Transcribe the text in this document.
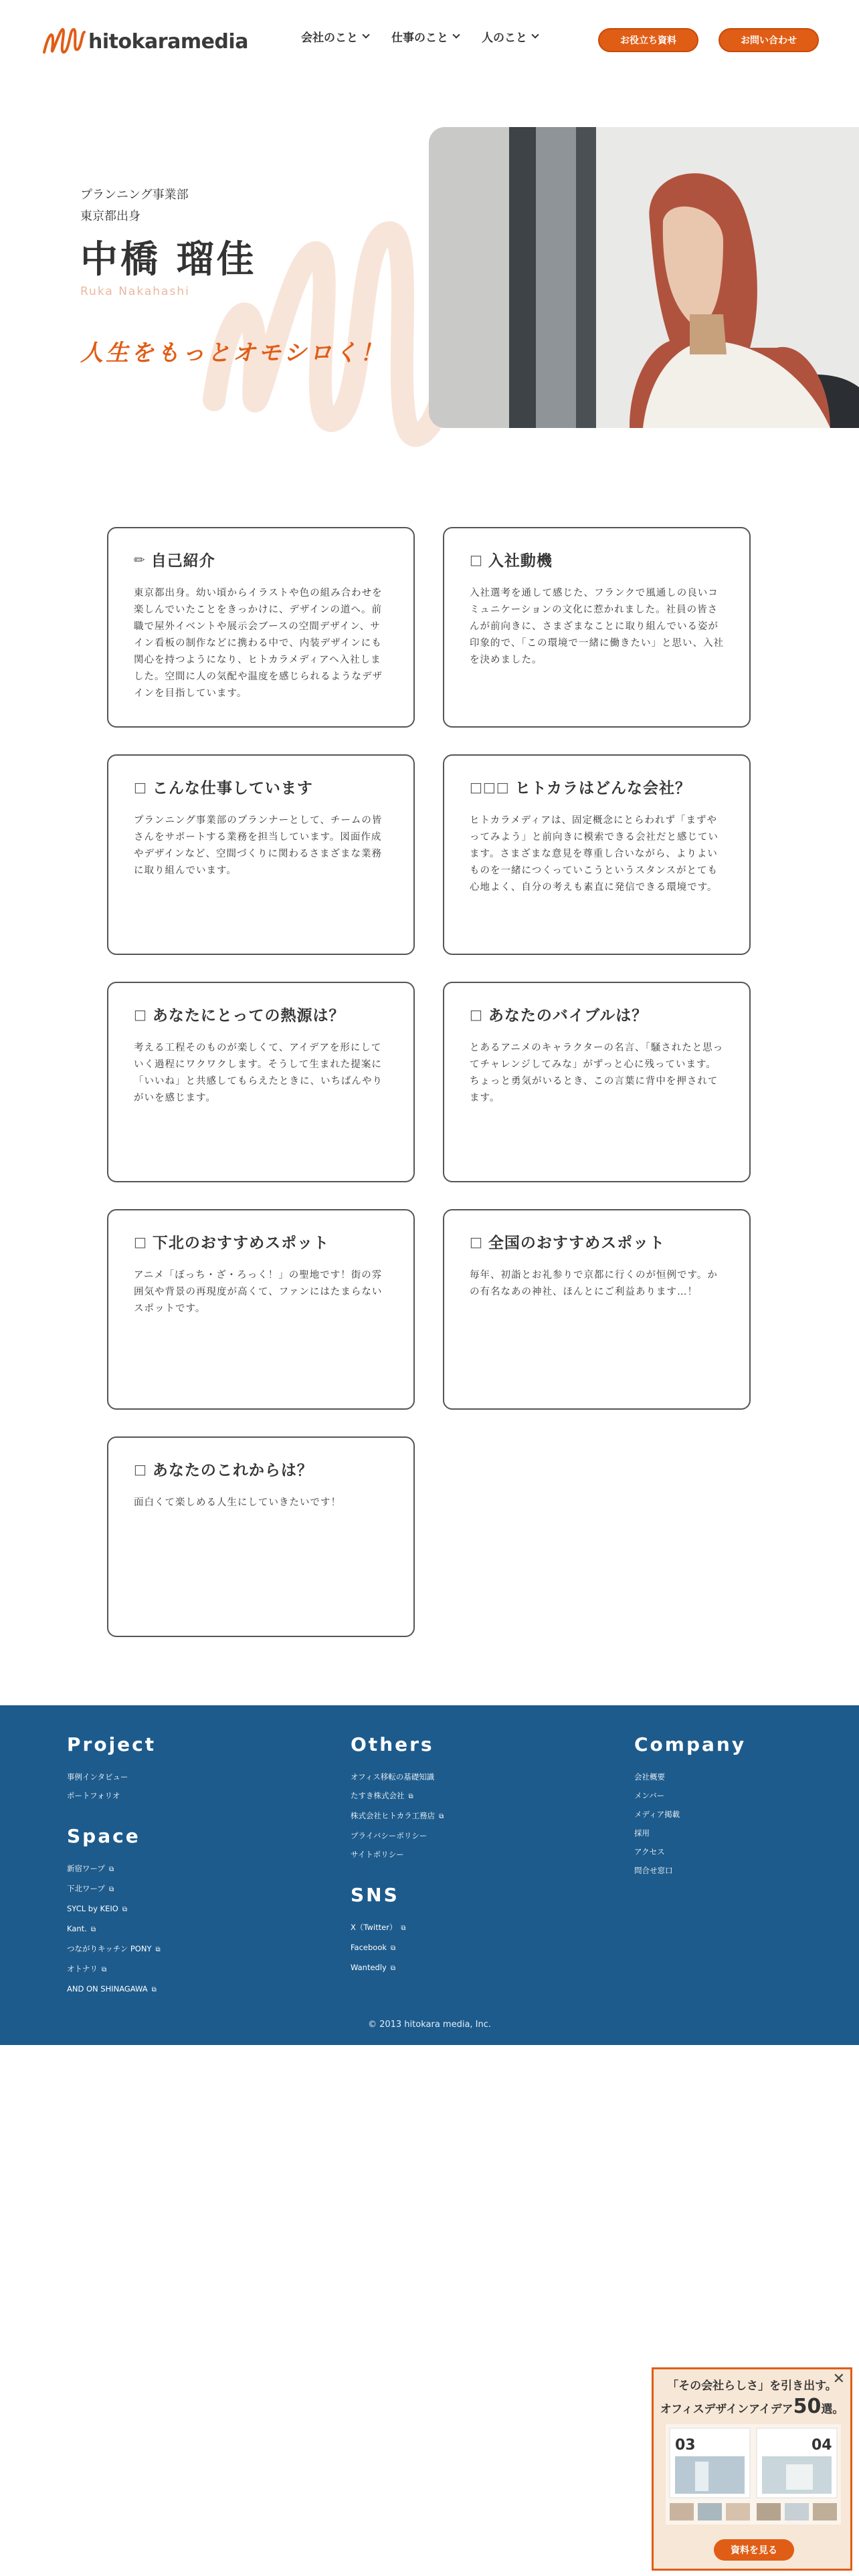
hitokaramedia	会社のこと	仕事のこと	人のこと	お役立ち資料	お問い合わせ
プランニング事業部
東京都出身
中橋 瑠佳
Ruka Nakahashi
人生をもっとオモシロく！
✏ 自己紹介
東京都出身。幼い頃からイラストや色の組み合わせを楽しんでいたことをきっかけに、デザインの道へ。前職で屋外イベントや展示会ブースの空間デザイン、サイン看板の制作などに携わる中で、内装デザインにも関心を持つようになり、ヒトカラメディアへ入社しました。空間に人の気配や温度を感じられるようなデザインを目指しています。
□ 入社動機
入社選考を通して感じた、フランクで風通しの良いコミュニケーションの文化に惹かれました。社員の皆さんが前向きに、さまざまなことに取り組んでいる姿が印象的で、「この環境で一緒に働きたい」と思い、入社を決めました。
□ こんな仕事しています
プランニング事業部のプランナーとして、チームの皆さんをサポートする業務を担当しています。図面作成やデザインなど、空間づくりに関わるさまざまな業務に取り組んでいます。
□□□ ヒトカラはどんな会社？
ヒトカラメディアは、固定概念にとらわれず「まずやってみよう」と前向きに模索できる会社だと感じています。さまざまな意見を尊重し合いながら、よりよいものを一緒につくっていこうというスタンスがとても心地よく、自分の考えも素直に発信できる環境です。
□ あなたにとっての熱源は？
考える工程そのものが楽しくて、アイデアを形にしていく過程にワクワクします。そうして生まれた提案に「いいね」と共感してもらえたときに、いちばんやりがいを感じます。
□ あなたのバイブルは？
とあるアニメのキャラクターの名言、「騒されたと思ってチャレンジしてみな」がずっと心に残っています。ちょっと勇気がいるとき、この言葉に背中を押されてます。
□ 下北のおすすめスポット
アニメ「ぼっち・ざ・ろっく！」の聖地です！街の雰囲気や背景の再現度が高くて、ファンにはたまらないスポットです。
□ 全国のおすすめスポット
毎年、初詣とお礼参りで京都に行くのが恒例です。かの有名なあの神社、ほんとにご利益あります…！
□ あなたのこれからは？
面白くて楽しめる人生にしていきたいです！
Project
事例インタビュー
ポートフォリオ
Space
新宿ワープ ⧉
下北ワープ ⧉
SYCL by KEIO ⧉
Kant. ⧉
つながりキッチン PONY ⧉
オトナリ ⧉
AND ON SHINAGAWA ⧉
Others
オフィス移転の基礎知識
たすき株式会社 ⧉
株式会社ヒトカラ工務店 ⧉
プライバシーポリシー
サイトポリシー
SNS
X（Twitter） ⧉
Facebook ⧉
Wantedly ⧉
Company
会社概要
メンバー
メディア掲載
採用
アクセス
問合せ窓口
© 2013 hitokara media, Inc.
✕
「その会社らしさ」を引き出す。
オフィスデザインアイデア50選。
03	04
資料を見る
